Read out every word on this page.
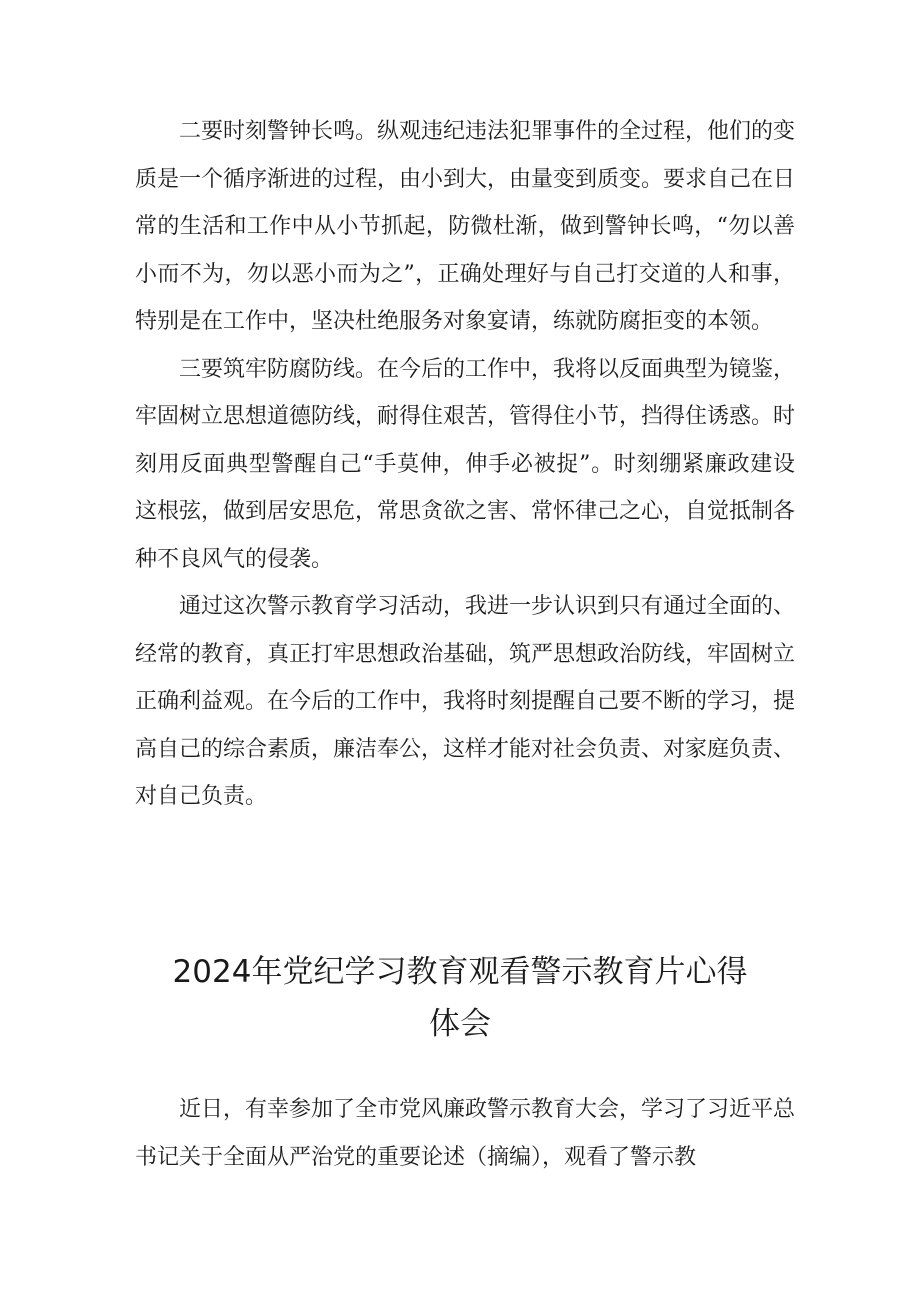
二要时刻警钟长鸣。纵观违纪违法犯罪事件的全过程，他们的变质是一个循序渐进的过程，由小到大，由量变到质变。要求自己在日常的生活和工作中从小节抓起，防微杜渐，做到警钟长鸣，“勿以善小而不为，勿以恶小而为之”，正确处理好与自己打交道的人和事，特别是在工作中，坚决杜绝服务对象宴请，练就防腐拒变的本领。

三要筑牢防腐防线。在今后的工作中，我将以反面典型为镜鉴，牢固树立思想道德防线，耐得住艰苦，管得住小节，挡得住诱惑。时刻用反面典型警醒自己“手莫伸，伸手必被捉”。时刻绷紧廉政建设这根弦，做到居安思危，常思贪欲之害、常怀律己之心，自觉抵制各种不良风气的侵袭。

通过这次警示教育学习活动，我进一步认识到只有通过全面的、经常的教育，真正打牢思想政治基础，筑严思想政治防线，牢固树立正确利益观。在今后的工作中，我将时刻提醒自己要不断的学习，提高自己的综合素质，廉洁奉公，这样才能对社会负责、对家庭负责、对自己负责。

2024年党纪学习教育观看警示教育片心得
体会

近日，有幸参加了全市党风廉政警示教育大会，学习了习近平总书记关于全面从严治党的重要论述（摘编），观看了警示教
